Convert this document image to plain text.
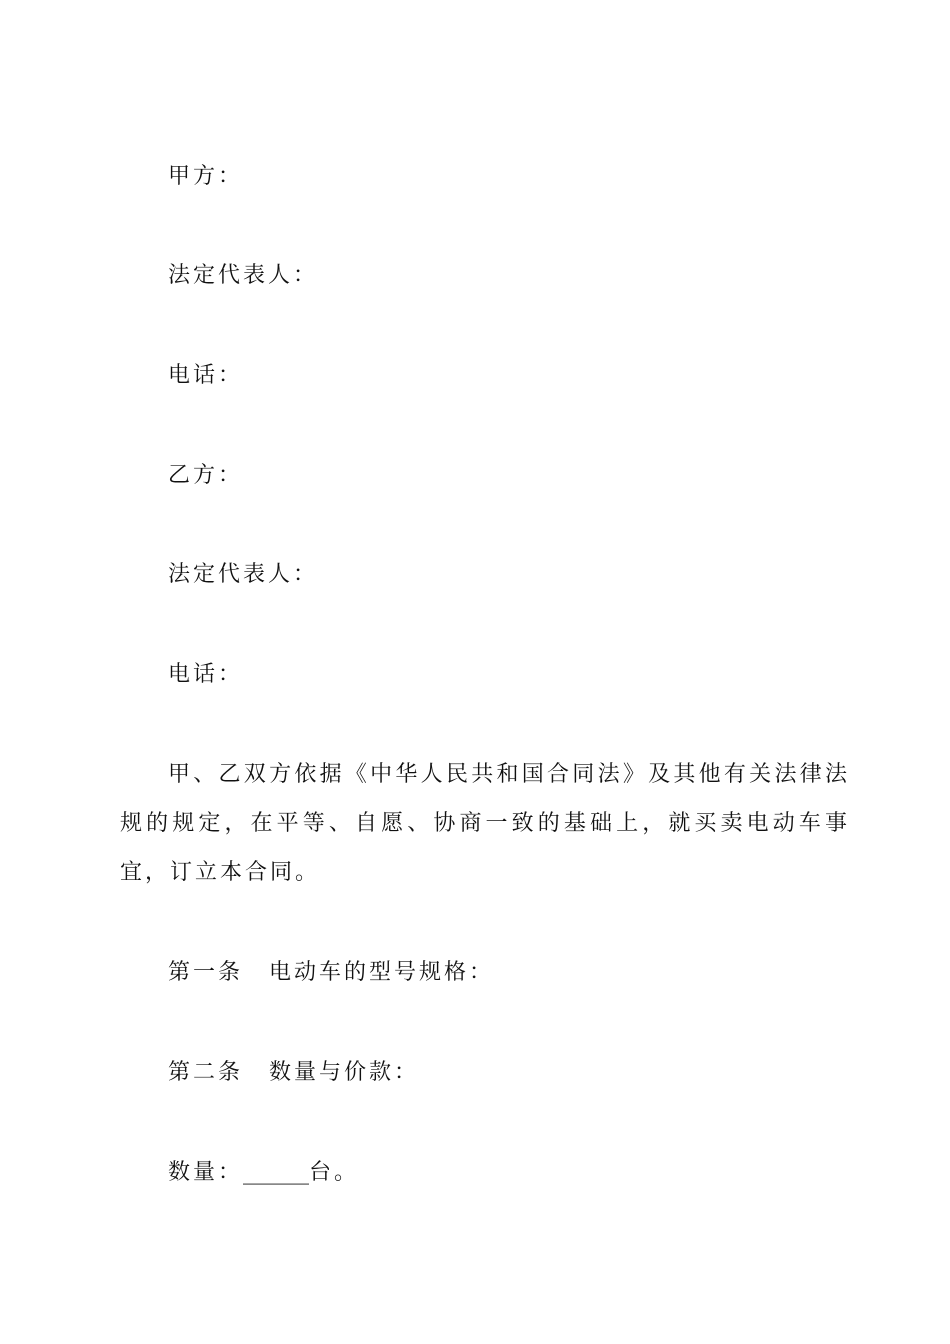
甲方：
法定代表人：
电话：
乙方：
法定代表人：
电话：
甲、乙双方依据《中华人民共和国合同法》及其他有关法律法规的规定，在平等、自愿、协商一致的基础上，就买卖电动车事宜，订立本合同。
第一条 电动车的型号规格：
第二条 数量与价款：
数量：______台。
